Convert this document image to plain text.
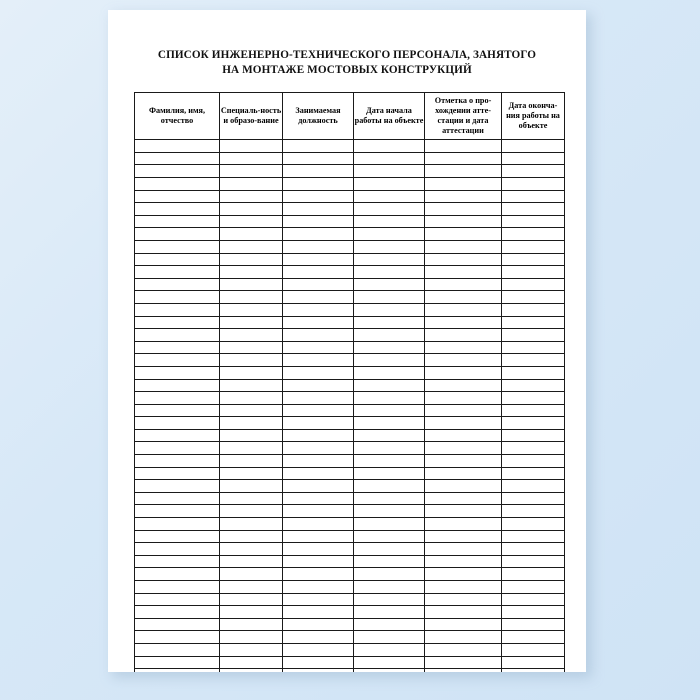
СПИСОК ИНЖЕНЕРНО-ТЕХНИЧЕСКОГО ПЕРСОНАЛА, ЗАНЯТОГО
НА МОНТАЖЕ МОСТОВЫХ КОНСТРУКЦИЙ
Фамилия, имя, отчество	Специаль-ность и образо-вание	Занимаемая должность	Дата начала работы на объекте	Отметка о про-хождении атте-стации и дата аттестации	Дата оконча-ния работы на объекте
